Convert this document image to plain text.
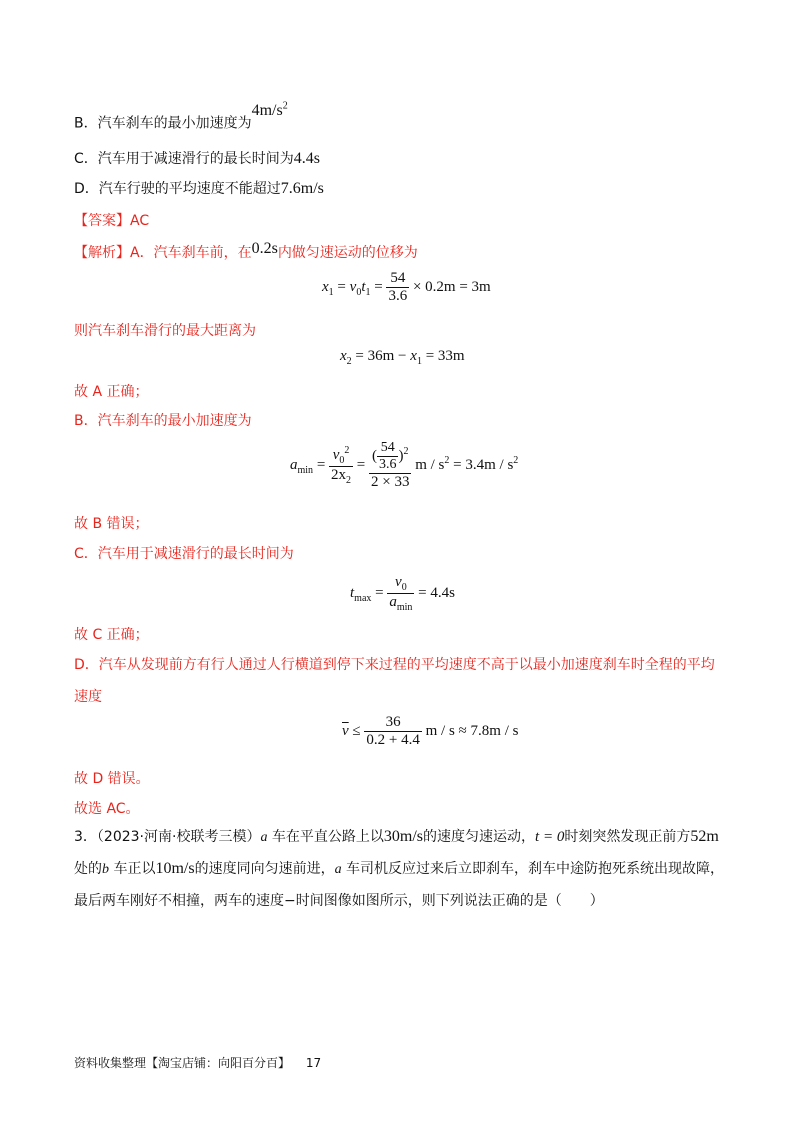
B．汽车刹车的最小加速度为$4m/s^2$
C．汽车用于减速滑行的最长时间为4.4s
D．汽车行驶的平均速度不能超过7.6m/s
【答案】AC
【解析】A．汽车刹车前，在0.2s内做匀速运动的位移为
$x_1 = v_0t_1 = \frac{54}{3.6} \times 0.2m = 3m$
则汽车刹车滑行的最大距离为
$x_2 = 36m - x_1 = 33m$
故 A 正确；
B．汽车刹车的最小加速度为
$a_{min} = \frac{v_0^2}{2x_2} = \frac{( \frac{54}{3.6} )^2}{2 \times 33}$ $m / s^2 = 3.4m / s^2$
故 B 错误；
C．汽车用于减速滑行的最长时间为
$t_{max} = \frac{v_0}{a_{min}} = 4.4s$
故 C 正确；
D．汽车从发现前方有行人通过人行横道到停下来过程的平均速度不高于以最小加速度刹车时全程的平均
速度
$\overline{v} \le \frac{36}{0.2 + 4.4}$ m / s ≈ 7.8m / s
故 D 错误。
故选 AC。
3．（2023·河南·校联考三模）a 车在平直公路上以30m/s的速度匀速运动，t = 0时刻突然发现正前方52m
处的b 车正以10m/s的速度同向匀速前进，a 车司机反应过来后立即刹车，刹车中途防抱死系统出现故障，
最后两车刚好不相撞，两车的速度−时间图像如图所示，则下列说法正确的是（　　）
资料收集整理【淘宝店铺：向阳百分百】 17
